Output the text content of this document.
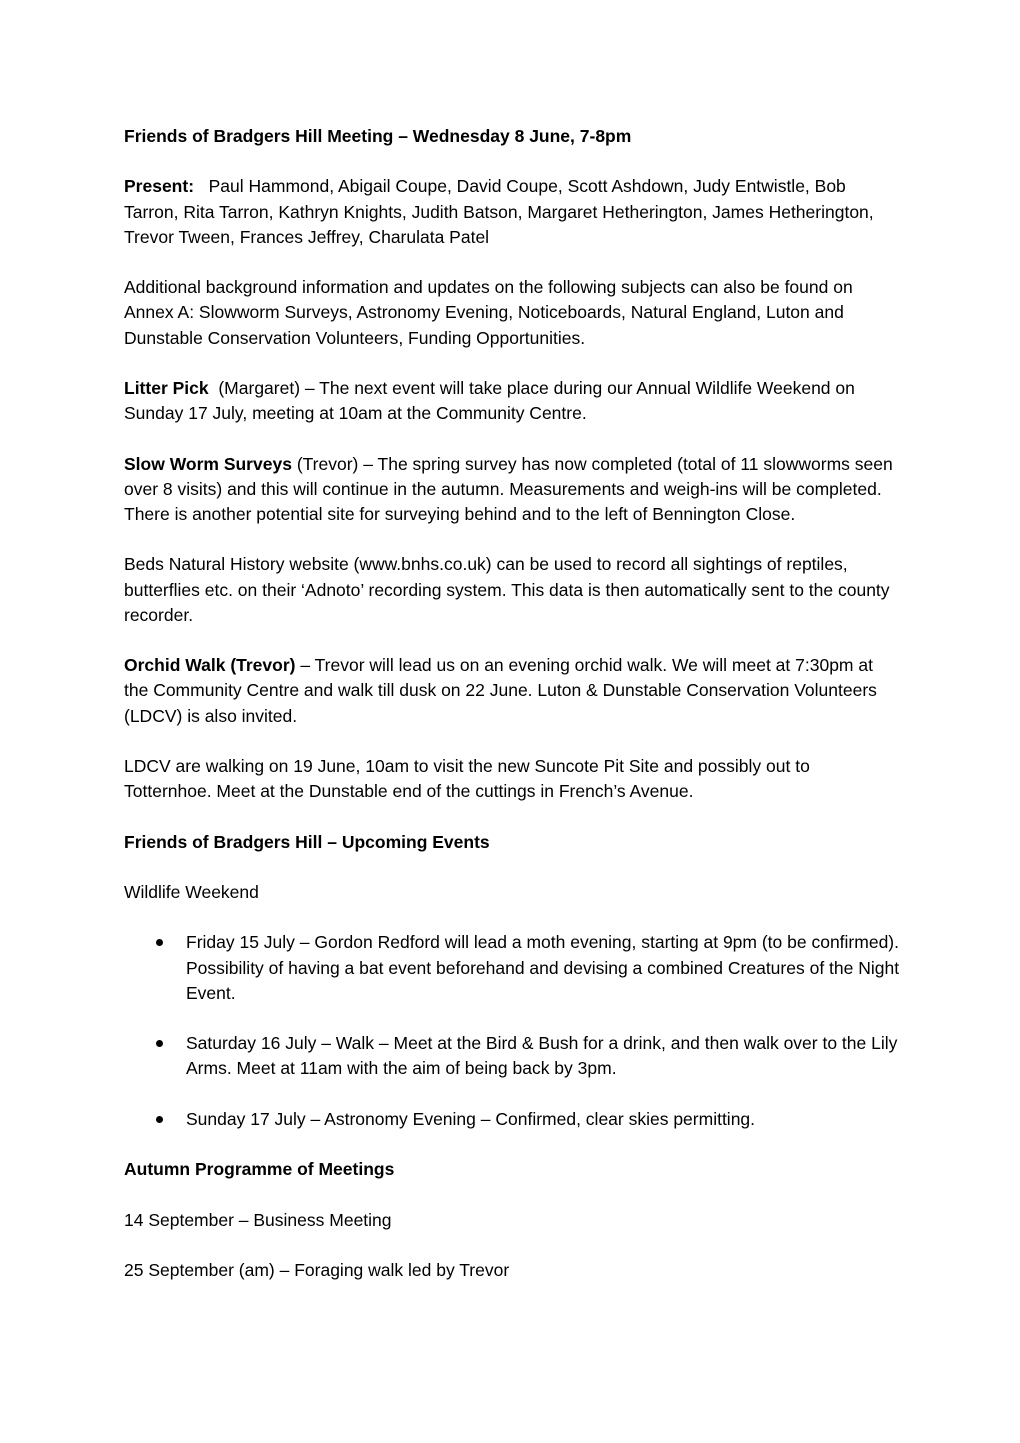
Friends of Bradgers Hill Meeting – Wednesday 8 June, 7-8pm

Present: Paul Hammond, Abigail Coupe, David Coupe, Scott Ashdown, Judy Entwistle, Bob Tarron, Rita Tarron, Kathryn Knights, Judith Batson, Margaret Hetherington, James Hetherington, Trevor Tween, Frances Jeffrey, Charulata Patel

Additional background information and updates on the following subjects can also be found on Annex A: Slowworm Surveys, Astronomy Evening, Noticeboards, Natural England, Luton and Dunstable Conservation Volunteers, Funding Opportunities.

Litter Pick (Margaret) – The next event will take place during our Annual Wildlife Weekend on Sunday 17 July, meeting at 10am at the Community Centre.

Slow Worm Surveys (Trevor) – The spring survey has now completed (total of 11 slowworms seen over 8 visits) and this will continue in the autumn. Measurements and weigh-ins will be completed. There is another potential site for surveying behind and to the left of Bennington Close.

Beds Natural History website (www.bnhs.co.uk) can be used to record all sightings of reptiles, butterflies etc. on their ‘Adnoto’ recording system. This data is then automatically sent to the county recorder.

Orchid Walk (Trevor) – Trevor will lead us on an evening orchid walk. We will meet at 7:30pm at the Community Centre and walk till dusk on 22 June. Luton & Dunstable Conservation Volunteers (LDCV) is also invited.

LDCV are walking on 19 June, 10am to visit the new Suncote Pit Site and possibly out to Totternhoe. Meet at the Dunstable end of the cuttings in French’s Avenue.

Friends of Bradgers Hill – Upcoming Events

Wildlife Weekend

Friday 15 July – Gordon Redford will lead a moth evening, starting at 9pm (to be confirmed). Possibility of having a bat event beforehand and devising a combined Creatures of the Night Event.
Saturday 16 July – Walk – Meet at the Bird & Bush for a drink, and then walk over to the Lily Arms. Meet at 11am with the aim of being back by 3pm.
Sunday 17 July – Astronomy Evening – Confirmed, clear skies permitting.

Autumn Programme of Meetings

14 September – Business Meeting

25 September (am) – Foraging walk led by Trevor
